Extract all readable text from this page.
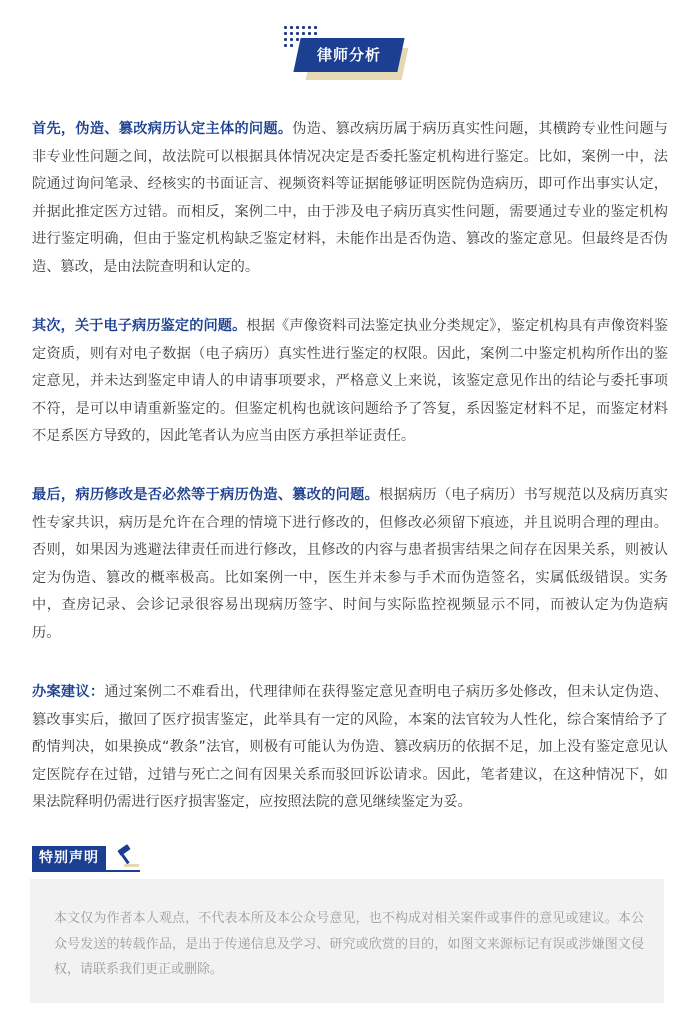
律师分析

首先，伪造、篡改病历认定主体的问题。伪造、篡改病历属于病历真实性问题，其横跨专业性问题与非专业性问题之间，故法院可以根据具体情况决定是否委托鉴定机构进行鉴定。比如，案例一中，法院通过询问笔录、经核实的书面证言、视频资料等证据能够证明医院伪造病历，即可作出事实认定，并据此推定医方过错。而相反，案例二中，由于涉及电子病历真实性问题，需要通过专业的鉴定机构进行鉴定明确，但由于鉴定机构缺乏鉴定材料，未能作出是否伪造、篡改的鉴定意见。但最终是否伪造、篡改，是由法院查明和认定的。

其次，关于电子病历鉴定的问题。根据《声像资料司法鉴定执业分类规定》，鉴定机构具有声像资料鉴定资质，则有对电子数据（电子病历）真实性进行鉴定的权限。因此，案例二中鉴定机构所作出的鉴定意见，并未达到鉴定申请人的申请事项要求，严格意义上来说，该鉴定意见作出的结论与委托事项不符，是可以申请重新鉴定的。但鉴定机构也就该问题给予了答复，系因鉴定材料不足，而鉴定材料不足系医方导致的，因此笔者认为应当由医方承担举证责任。

最后，病历修改是否必然等于病历伪造、篡改的问题。根据病历（电子病历）书写规范以及病历真实性专家共识，病历是允许在合理的情境下进行修改的，但修改必须留下痕迹，并且说明合理的理由。否则，如果因为逃避法律责任而进行修改，且修改的内容与患者损害结果之间存在因果关系，则被认定为伪造、篡改的概率极高。比如案例一中，医生并未参与手术而伪造签名，实属低级错误。实务中，查房记录、会诊记录很容易出现病历签字、时间与实际监控视频显示不同，而被认定为伪造病历。

办案建议：通过案例二不难看出，代理律师在获得鉴定意见查明电子病历多处修改，但未认定伪造、篡改事实后，撤回了医疗损害鉴定，此举具有一定的风险，本案的法官较为人性化，综合案情给予了酌情判决，如果换成“教条”法官，则极有可能认为伪造、篡改病历的依据不足，加上没有鉴定意见认定医院存在过错，过错与死亡之间有因果关系而驳回诉讼请求。因此，笔者建议，在这种情况下，如果法院释明仍需进行医疗损害鉴定，应按照法院的意见继续鉴定为妥。

特别声明

本文仅为作者本人观点，不代表本所及本公众号意见，也不构成对相关案件或事件的意见或建议。本公众号发送的转载作品，是出于传递信息及学习、研究或欣赏的目的，如图文来源标记有误或涉嫌图文侵权，请联系我们更正或删除。
